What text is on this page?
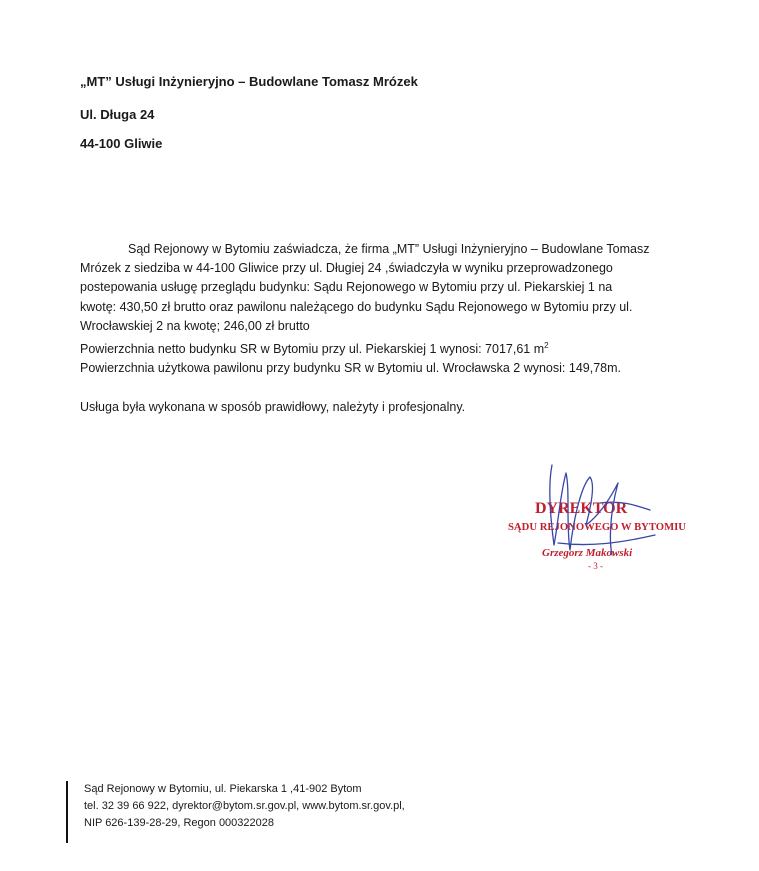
„MT” Usługi Inżynieryjno – Budowlane Tomasz Mrózek
Ul. Długa 24
44-100 Gliwie

Sąd Rejonowy w Bytomiu zaświadcza, że firma „MT” Usługi Inżynieryjno – Budowlane Tomasz

Mrózek z siedziba w 44-100 Gliwice przy ul. Długiej 24 ,świadczyła w wyniku przeprowadzonego

postepowania usługę przeglądu budynku: Sądu Rejonowego w Bytomiu przy ul. Piekarskiej 1 na

kwotę: 430,50 zł brutto oraz pawilonu należącego do budynku Sądu Rejonowego w Bytomiu przy ul.

Wrocławskiej 2 na kwotę; 246,00 zł brutto

Powierzchnia netto budynku SR w Bytomiu przy ul. Piekarskiej 1 wynosi: 7017,61 $m^2$

Powierzchnia użytkowa pawilonu przy budynku SR w Bytomiu ul. Wrocławska 2 wynosi: 149,78m.

Usługa była wykonana w sposób prawidłowy, należyty i profesjonalny.

DYREKTOR
SĄDU REJONOWEGO W BYTOMIU
Grzegorz Makowski
- 3 -
Sąd Rejonowy w Bytomiu, ul. Piekarska 1 ,41-902 Bytom
tel. 32 39 66 922, dyrektor@bytom.sr.gov.pl, www.bytom.sr.gov.pl,
NIP 626-139-28-29, Regon 000322028
